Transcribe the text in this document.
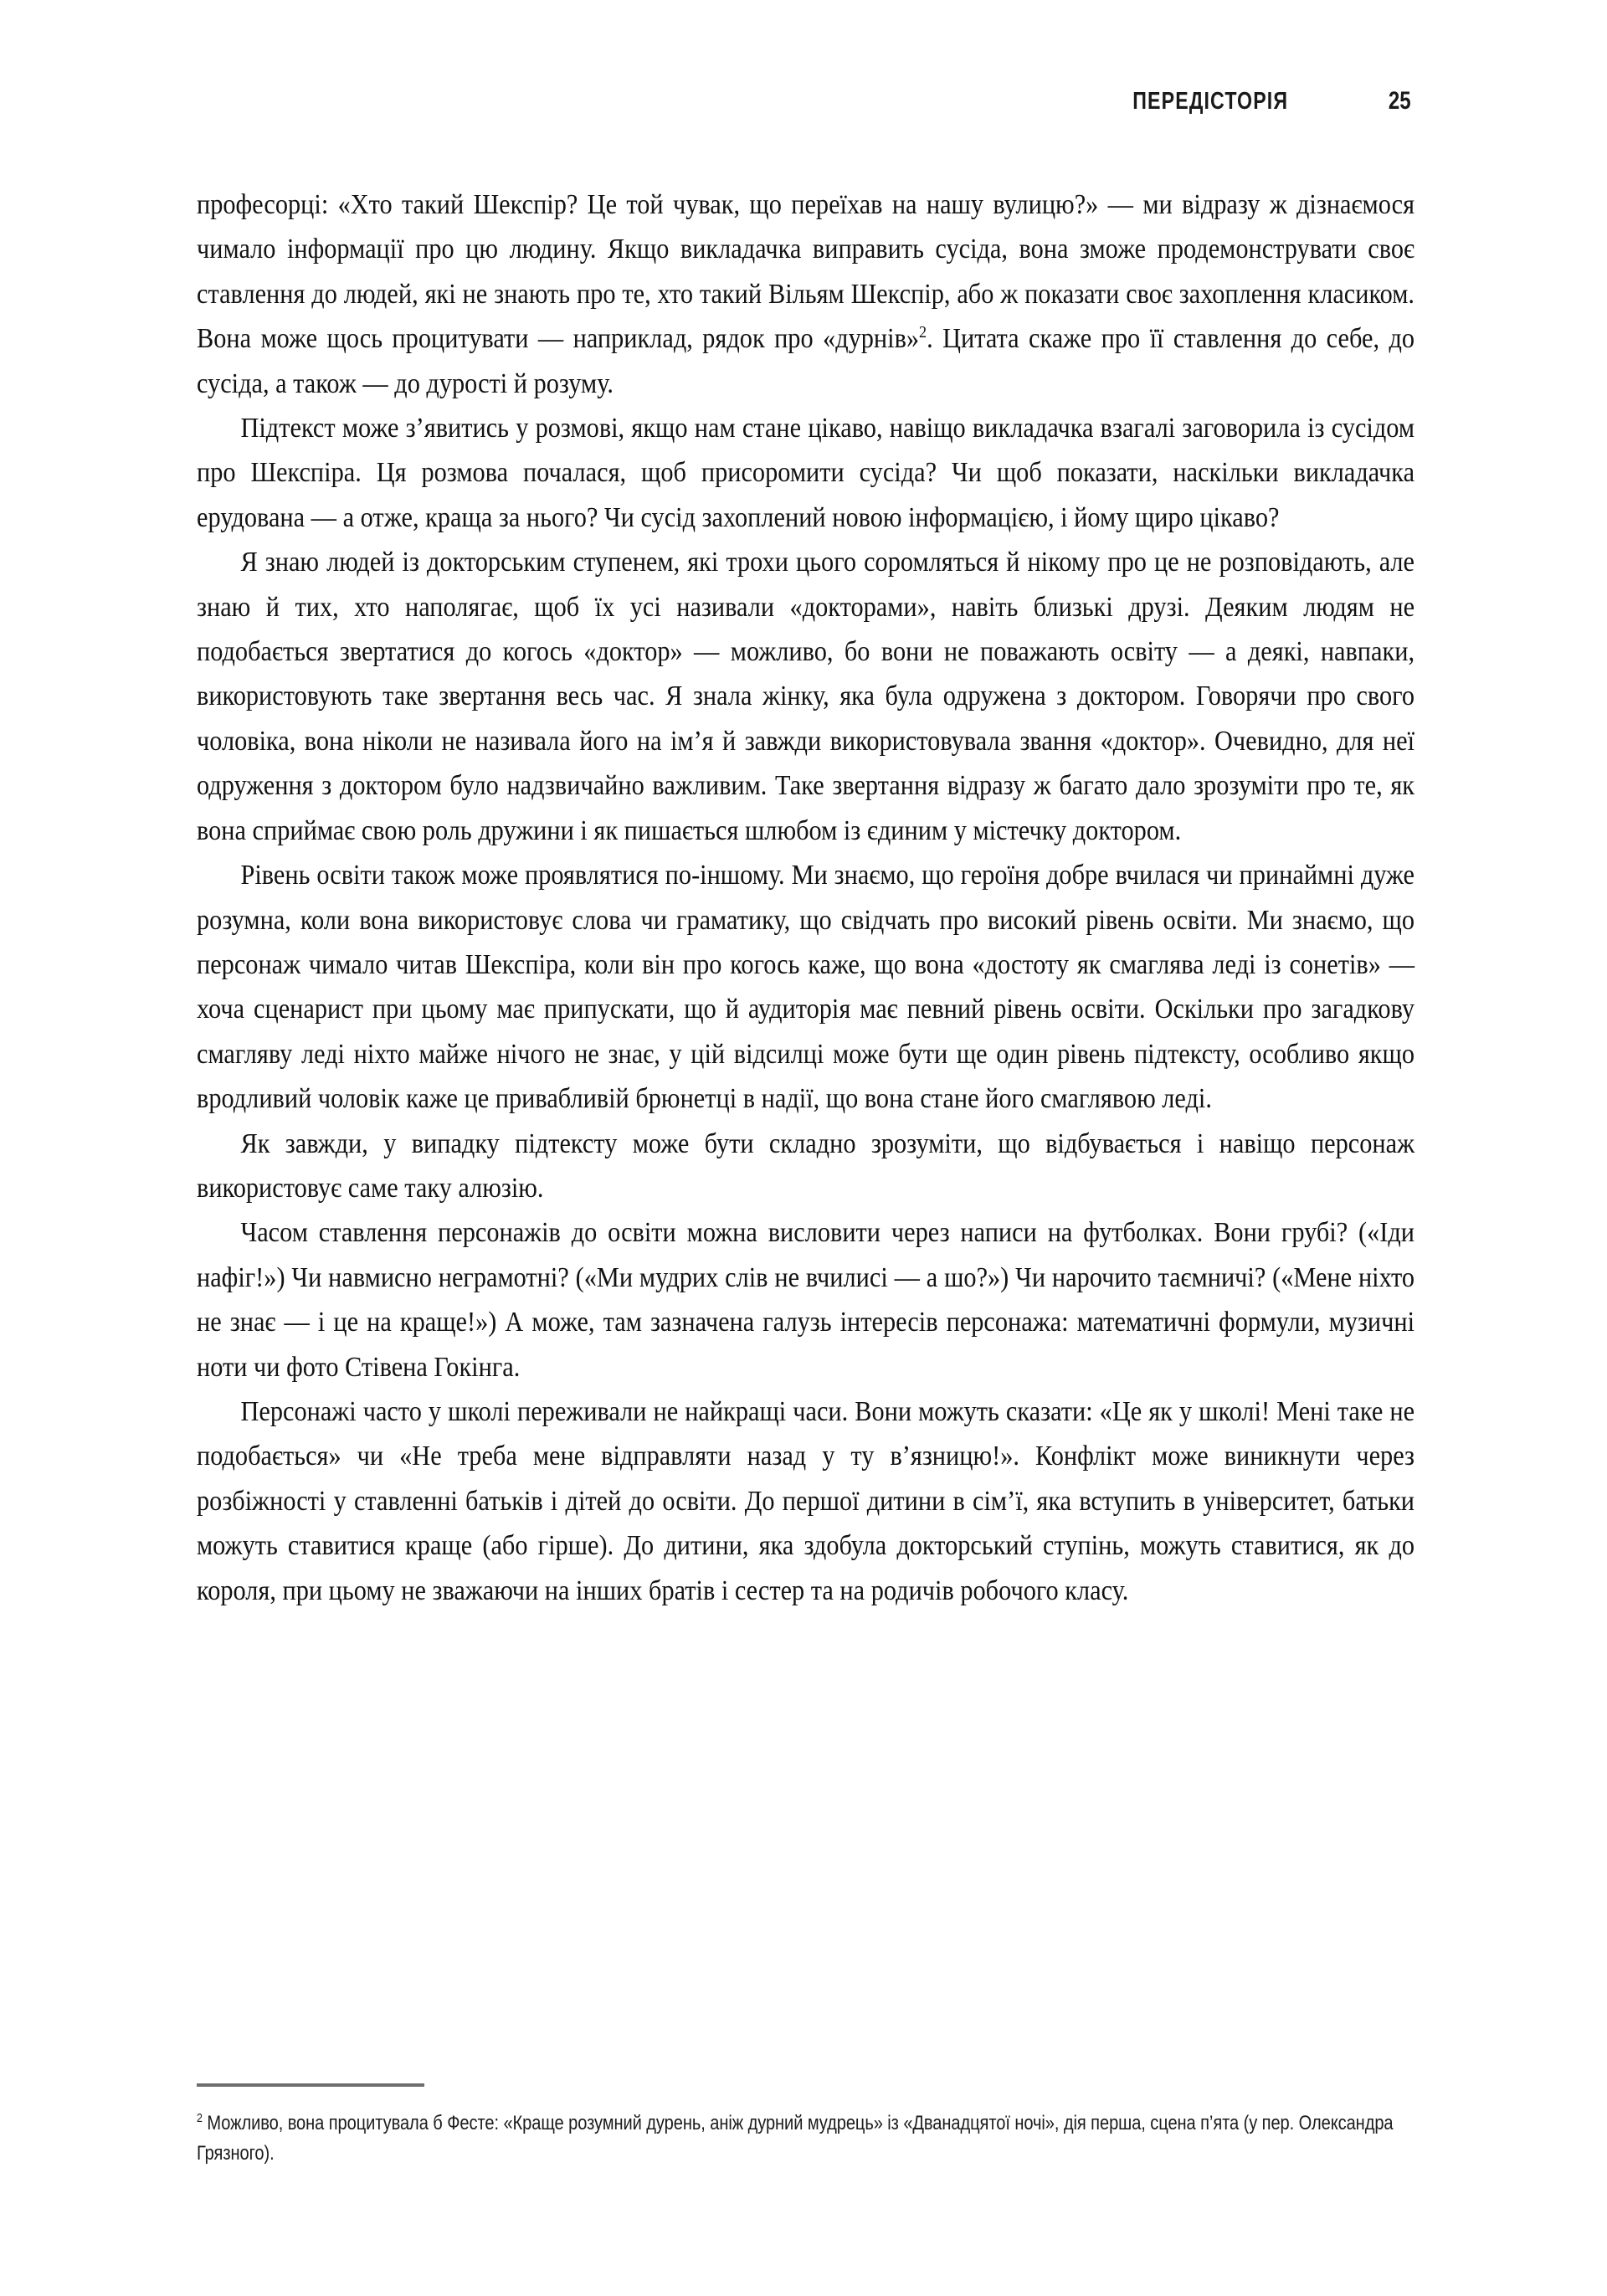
ПЕРЕДІСТОРІЯ	25

професорці: «Хто такий Шекспір? Це той чувак, що переїхав на нашу вулицю?» — ми відразу ж дізнаємося чимало інформації про цю людину. Якщо викладачка виправить сусіда, вона зможе продемонструвати своє ставлення до людей, які не знають про те, хто такий Вільям Шекспір, або ж показати своє захоплення класиком. Вона може щось процитувати — наприклад, рядок про «дурнів»$^2$. Цитата скаже про її ставлення до себе, до сусіда, а також — до дурості й розуму.

Підтекст може з’явитись у розмові, якщо нам стане цікаво, навіщо викладачка взагалі заговорила із сусідом про Шекспіра. Ця розмова почалася, щоб присоромити сусіда? Чи щоб показати, наскільки викладачка ерудована — а отже, краща за нього? Чи сусід захоплений новою інформацією, і йому щиро цікаво?

Я знаю людей із докторським ступенем, які трохи цього соромляться й нікому про це не розповідають, але знаю й тих, хто наполягає, щоб їх усі називали «докторами», навіть близькі друзі. Деяким людям не подобається звертатися до когось «доктор» — можливо, бо вони не поважають освіту — а деякі, навпаки, використовують таке звертання весь час. Я знала жінку, яка була одружена з доктором. Говорячи про свого чоловіка, вона ніколи не називала його на ім’я й завжди використовувала звання «доктор». Очевидно, для неї одруження з доктором було надзвичайно важливим. Таке звертання відразу ж багато дало зрозуміти про те, як вона сприймає свою роль дружини і як пишається шлюбом із єдиним у містечку доктором.

Рівень освіти також може проявлятися по-іншому. Ми знаємо, що героїня добре вчилася чи принаймні дуже розумна, коли вона використовує слова чи граматику, що свідчать про високий рівень освіти. Ми знаємо, що персонаж чимало читав Шекспіра, коли він про когось каже, що вона «достоту як смаглява леді із сонетів» — хоча сценарист при цьому має припускати, що й аудиторія має певний рівень освіти. Оскільки про загадкову смагляву леді ніхто майже нічого не знає, у цій відсилці може бути ще один рівень підтексту, особливо якщо вродливий чоловік каже це привабливій брюнетці в надії, що вона стане його смаглявою леді.

Як завжди, у випадку підтексту може бути складно зрозуміти, що відбувається і навіщо персонаж використовує саме таку алюзію.

Часом ставлення персонажів до освіти можна висловити через написи на футболках. Вони грубі? («Іди нафіг!») Чи навмисно неграмотні? («Ми мудрих слів не вчилисі — а шо?») Чи нарочито таємничі? («Мене ніхто не знає — і це на краще!») А може, там зазначена галузь інтересів персонажа: математичні формули, музичні ноти чи фото Стівена Гокінга.

Персонажі часто у школі переживали не найкращі часи. Вони можуть сказати: «Це як у школі! Мені таке не подобається» чи «Не треба мене відправляти назад у ту в’язницю!». Конфлікт може виникнути через розбіжності у ставленні батьків і дітей до освіти. До першої дитини в сім’ї, яка вступить в університет, батьки можуть ставитися краще (або гірше). До дитини, яка здобула докторський ступінь, можуть ставитися, як до короля, при цьому не зважаючи на інших братів і сестер та на родичів робочого класу.

$^2$ Можливо, вона процитувала б Фесте: «Краще розумний дурень, аніж дурний мудрець» із «Дванадцятої ночі», дія перша, сцена п’ята (у пер. Олександра Грязного).
